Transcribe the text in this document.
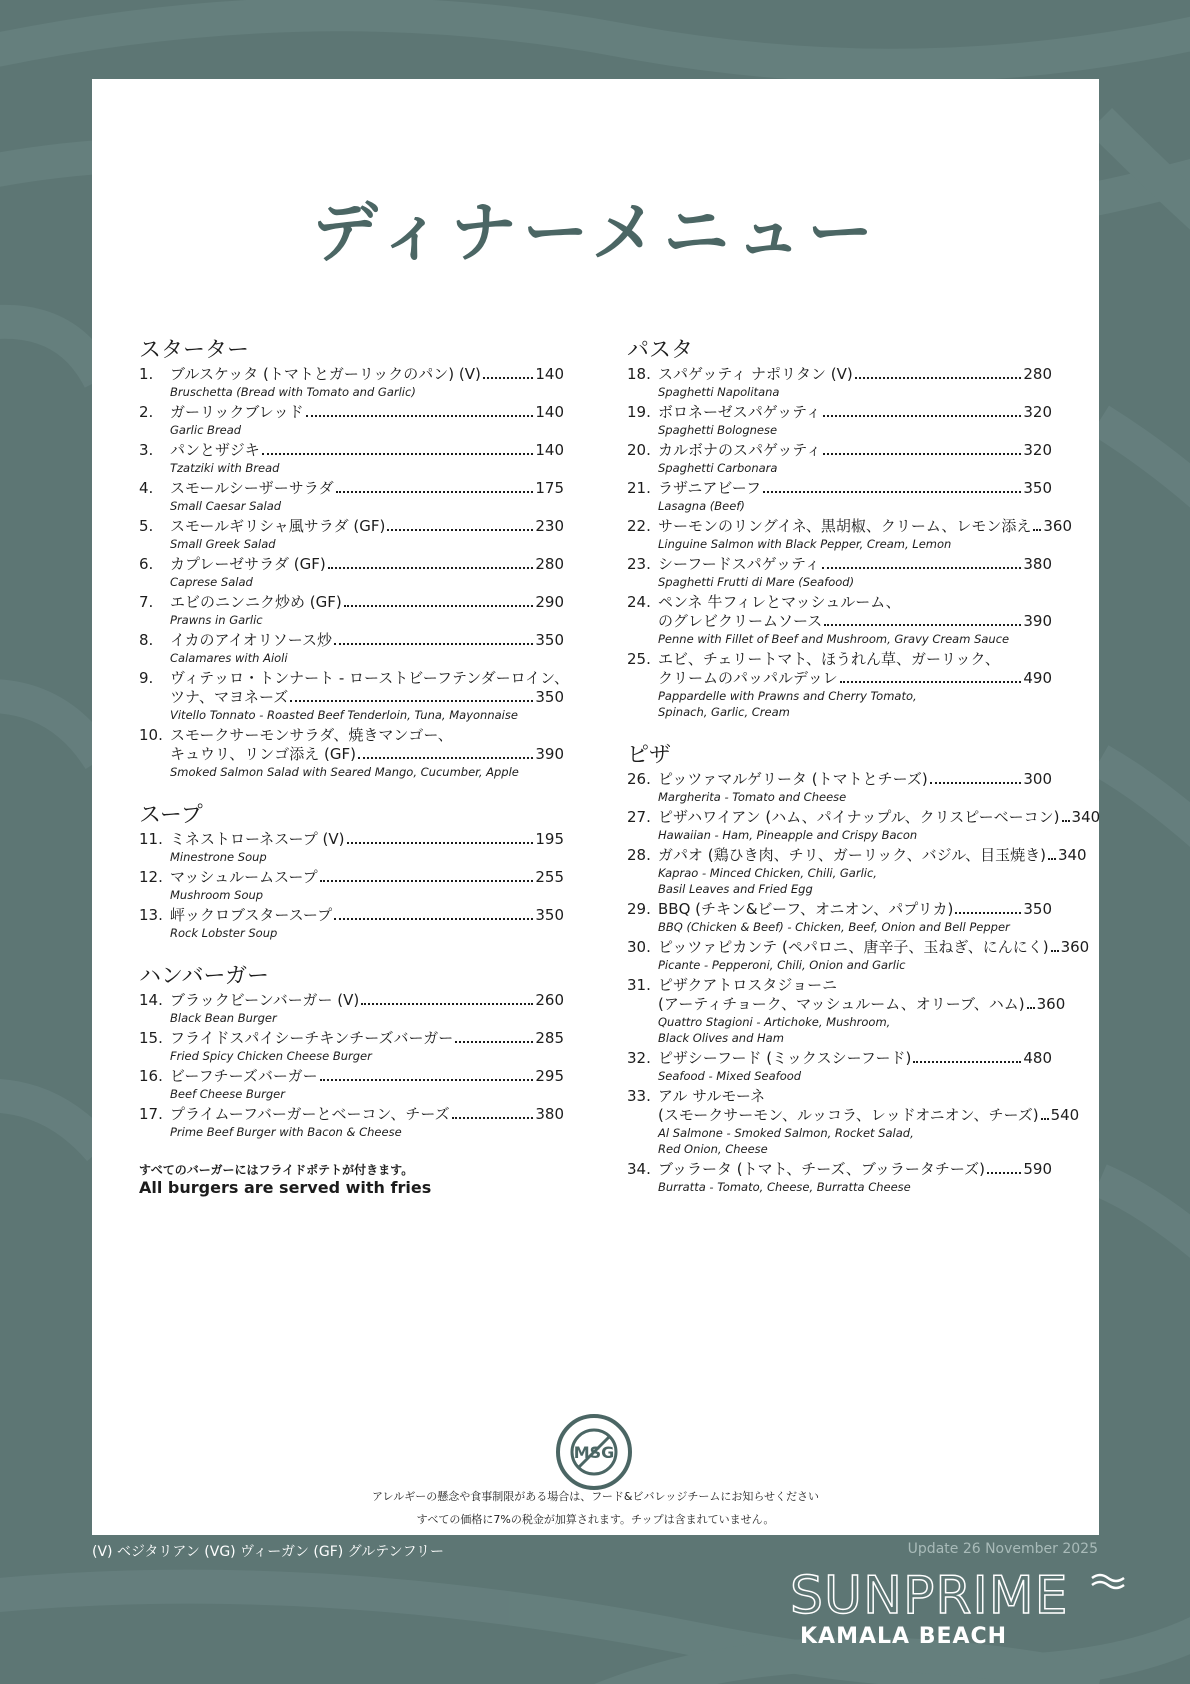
ディナーメニュー
スターター
1. ブルスケッタ (トマトとガーリックのパン) (V)	140
Bruschetta (Bread with Tomato and Garlic)
2. ガーリックブレッド	140
Garlic Bread
3. パンとザジキ	140
Tzatziki with Bread
4. スモールシーザーサラダ	175
Small Caesar Salad
5. スモールギリシャ風サラダ (GF)	230
Small Greek Salad
6. カプレーゼサラダ (GF)	280
Caprese Salad
7. エビのニンニク炒め (GF)	290
Prawns in Garlic
8. イカのアイオリソース炒	350
Calamares with Aioli
9. ヴィテッロ・トンナート - ローストビーフテンダーロイン、
ツナ、マヨネーズ	350
Vitello Tonnato - Roasted Beef Tenderloin, Tuna, Mayonnaise
10. スモークサーモンサラダ、焼きマンゴー、
キュウリ、リンゴ添え (GF)	390
Smoked Salmon Salad with Seared Mango, Cucumber, Apple
スープ
11. ミネストローネスープ (V)	195
Minestrone Soup
12. マッシュルームスープ	255
Mushroom Soup
13. 岼ックロブスタースープ	350
Rock Lobster Soup
ハンバーガー
14. ブラックビーンバーガー (V)	260
Black Bean Burger
15. フライドスパイシーチキンチーズバーガー	285
Fried Spicy Chicken Cheese Burger
16. ビーフチーズバーガー	295
Beef Cheese Burger
17. プライムーフバーガーとベーコン、チーズ	380
Prime Beef Burger with Bacon & Cheese
すべてのバーガーにはフライドポテトが付きます。
All burgers are served with fries
パスタ
18. スパゲッティ ナポリタン (V)	280
Spaghetti Napolitana
19. ボロネーゼスパゲッティ	320
Spaghetti Bolognese
20. カルボナのスパゲッティ	320
Spaghetti Carbonara
21. ラザニアビーフ	350
Lasagna (Beef)
22. サーモンのリングイネ、黒胡椒、クリーム、レモン添え 360
Linguine Salmon with Black Pepper, Cream, Lemon
23. シーフードスパゲッティ	380
Spaghetti Frutti di Mare (Seafood)
24. ペンネ 牛フィレとマッシュルーム、
のグレビクリームソース	390
Penne with Fillet of Beef and Mushroom, Gravy Cream Sauce
25. エビ、チェリートマト、ほうれん草、ガーリック、
クリームのパッパルデッレ	490
Pappardelle with Prawns and Cherry Tomato,
Spinach, Garlic, Cream
ピザ
26. ピッツァマルゲリータ (トマトとチーズ)	300
Margherita - Tomato and Cheese
27. ピザハワイアン (ハム、パイナップル、クリスピーベーコン) 340
Hawaiian - Ham, Pineapple and Crispy Bacon
28. ガパオ (鶏ひき肉、チリ、ガーリック、バジル、目玉焼き) 340
Kaprao - Minced Chicken, Chili, Garlic,
Basil Leaves and Fried Egg
29. BBQ (チキン&ビーフ、オニオン、パプリカ)	350
BBQ (Chicken & Beef) - Chicken, Beef, Onion and Bell Pepper
30. ピッツァピカンテ (ペパロニ、唐辛子、玉ねぎ、にんにく) 360
Picante - Pepperoni, Chili, Onion and Garlic
31. ピザクアトロスタジョーニ
(アーティチョーク、マッシュルーム、オリーブ、ハム) 360
Quattro Stagioni - Artichoke, Mushroom,
Black Olives and Ham
32. ピザシーフード (ミックスシーフード)	480
Seafood - Mixed Seafood
33. アル サルモーネ
(スモークサーモン、ルッコラ、レッドオニオン、チーズ) 540
Al Salmone - Smoked Salmon, Rocket Salad,
Red Onion, Cheese
34. ブッラータ (トマト、チーズ、ブッラータチーズ)	590
Burratta - Tomato, Cheese, Burratta Cheese
MSG
アレルギーの懸念や食事制限がある場合は、フード&ビバレッジチームにお知らせください
すべての価格に7%の税金が加算されます。チップは含まれていません。
(V) ベジタリアン (VG) ヴィーガン (GF) グルテンフリー	Update 26 November 2025
SUNPRIME
KAMALA BEACH
